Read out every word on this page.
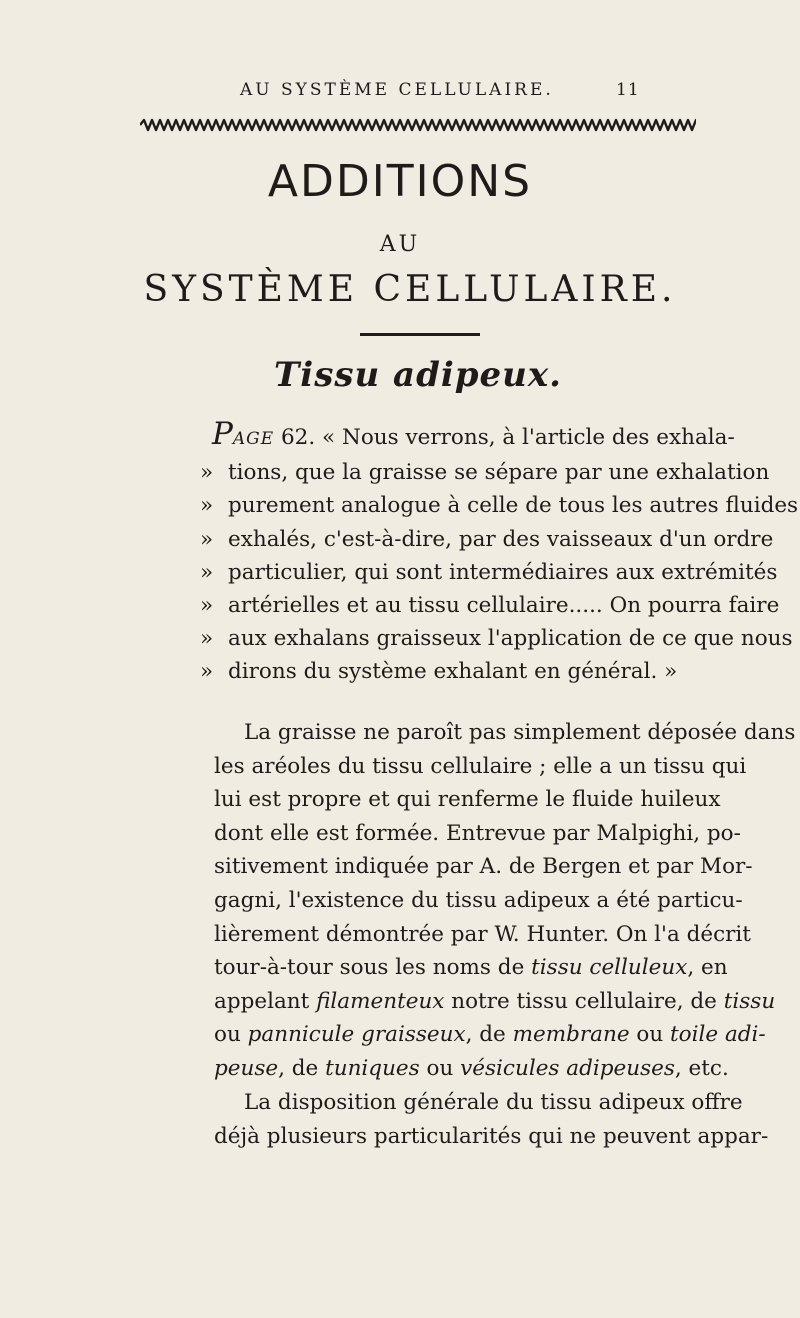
AU SYSTÈME CELLULAIRE.	11
ADDITIONS
AU
SYSTÈME CELLULAIRE.
Tissu adipeux.
PAGE 62. « Nous verrons, à l'article des exhala-
» tions, que la graisse se sépare par une exhalation
» purement analogue à celle de tous les autres fluides
» exhalés, c'est-à-dire, par des vaisseaux d'un ordre
» particulier, qui sont intermédiaires aux extrémités
» artérielles et au tissu cellulaire..... On pourra faire
» aux exhalans graisseux l'application de ce que nous
» dirons du système exhalant en général. »
La graisse ne paroît pas simplement déposée dans
les aréoles du tissu cellulaire ; elle a un tissu qui
lui est propre et qui renferme le fluide huileux
dont elle est formée. Entrevue par Malpighi, po-
sitivement indiquée par A. de Bergen et par Mor-
gagni, l'existence du tissu adipeux a été particu-
lièrement démontrée par W. Hunter. On l'a décrit
tour-à-tour sous les noms de tissu celluleux, en
appelant filamenteux notre tissu cellulaire, de tissu
ou pannicule graisseux, de membrane ou toile adi-
peuse, de tuniques ou vésicules adipeuses, etc.
La disposition générale du tissu adipeux offre
déjà plusieurs particularités qui ne peuvent appar-
